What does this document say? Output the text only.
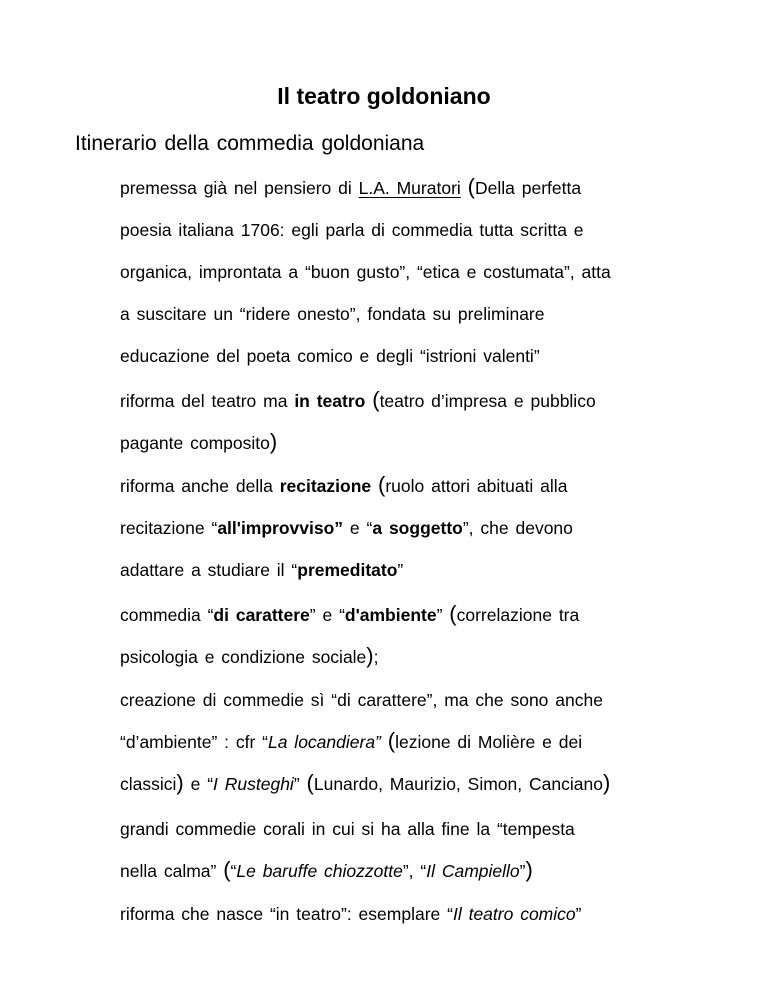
Il teatro goldoniano
Itinerario della commedia goldoniana
premessa già nel pensiero di L.A. Muratori (Della perfetta
poesia italiana 1706: egli parla di commedia tutta scritta e
organica, improntata a “buon gusto”, “etica e costumata”, atta
a suscitare un “ridere onesto”, fondata su preliminare
educazione del poeta comico e degli “istrioni valenti”
riforma del teatro ma in teatro (teatro d’impresa e pubblico
pagante composito)
riforma anche della recitazione (ruolo attori abituati alla
recitazione “all'improvviso” e “a soggetto”, che devono
adattare a studiare il “premeditato”
commedia “di carattere” e “d'ambiente” (correlazione tra
psicologia e condizione sociale);
creazione di commedie sì “di carattere”, ma che sono anche
“d’ambiente” : cfr “La locandiera” (lezione di Molière e dei
classici) e “I Rusteghi” (Lunardo, Maurizio, Simon, Canciano)
grandi commedie corali in cui si ha alla fine la “tempesta
nella calma” (“Le baruffe chiozzotte”, “Il Campiello”)
riforma che nasce “in teatro”: esemplare “Il teatro comico”
